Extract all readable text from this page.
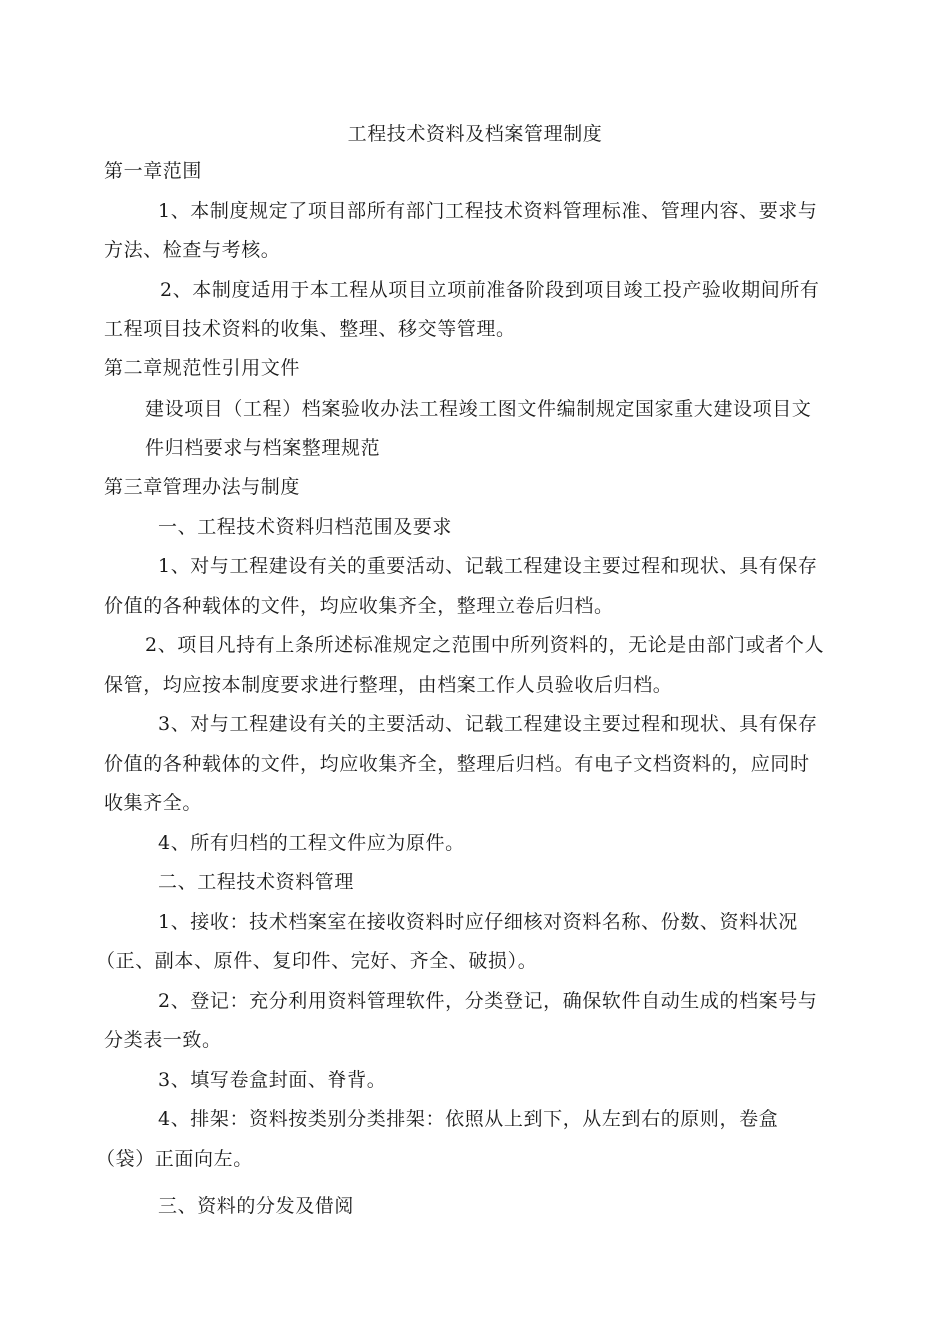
工程技术资料及档案管理制度
第一章范围
1、本制度规定了项目部所有部门工程技术资料管理标准、管理内容、要求与
方法、检查与考核。
2、本制度适用于本工程从项目立项前准备阶段到项目竣工投产验收期间所有
工程项目技术资料的收集、整理、移交等管理。
第二章规范性引用文件
建设项目（工程）档案验收办法工程竣工图文件编制规定国家重大建设项目文
件归档要求与档案整理规范
第三章管理办法与制度
一、工程技术资料归档范围及要求
1、对与工程建设有关的重要活动、记载工程建设主要过程和现状、具有保存
价值的各种载体的文件，均应收集齐全，整理立卷后归档。
2、项目凡持有上条所述标准规定之范围中所列资料的，无论是由部门或者个人
保管，均应按本制度要求进行整理，由档案工作人员验收后归档。
3、对与工程建设有关的主要活动、记载工程建设主要过程和现状、具有保存
价值的各种载体的文件，均应收集齐全，整理后归档。有电子文档资料的，应同时
收集齐全。
4、所有归档的工程文件应为原件。
二、工程技术资料管理
1、接收：技术档案室在接收资料时应仔细核对资料名称、份数、资料状况
（正、副本、原件、复印件、完好、齐全、破损）。
2、登记：充分利用资料管理软件，分类登记，确保软件自动生成的档案号与
分类表一致。
3、填写卷盒封面、脊背。
4、排架：资料按类别分类排架：依照从上到下，从左到右的原则，卷盒
（袋）正面向左。
三、资料的分发及借阅
